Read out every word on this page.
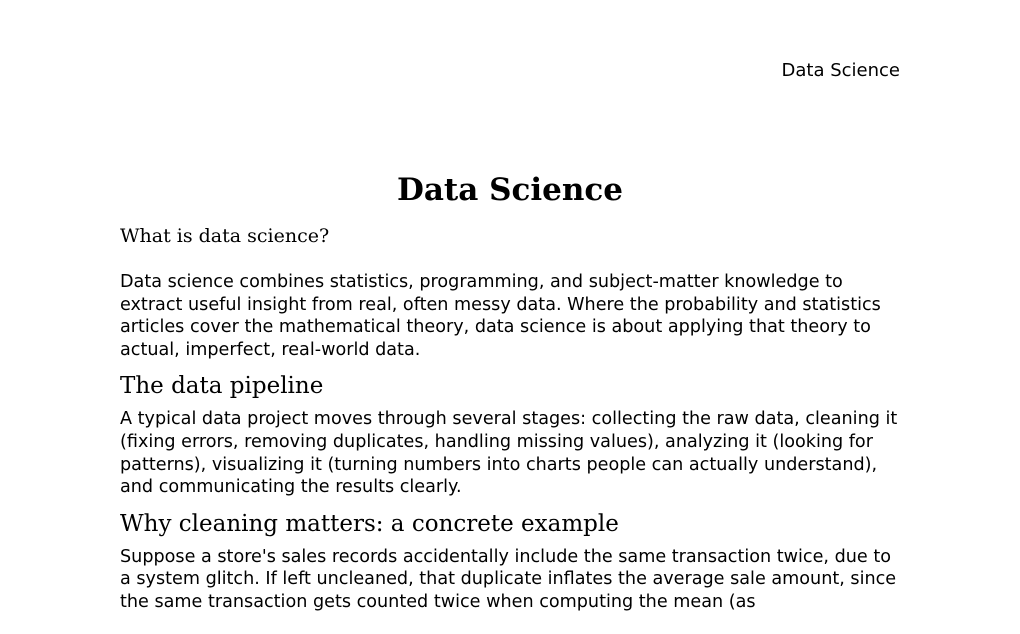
Data Science

Data Science
What is data science?

Data science combines statistics, programming, and subject-matter knowledge to extract useful insight from real, often messy data. Where the probability and statistics articles cover the mathematical theory, data science is about applying that theory to actual, imperfect, real-world data.

The data pipeline

A typical data project moves through several stages: collecting the raw data, cleaning it (fixing errors, removing duplicates, handling missing values), analyzing it (looking for patterns), visualizing it (turning numbers into charts people can actually understand), and communicating the results clearly.

Why cleaning matters: a concrete example

Suppose a store's sales records accidentally include the same transaction twice, due to a system glitch. If left uncleaned, that duplicate inflates the average sale amount, since the same transaction gets counted twice when computing the mean (as
